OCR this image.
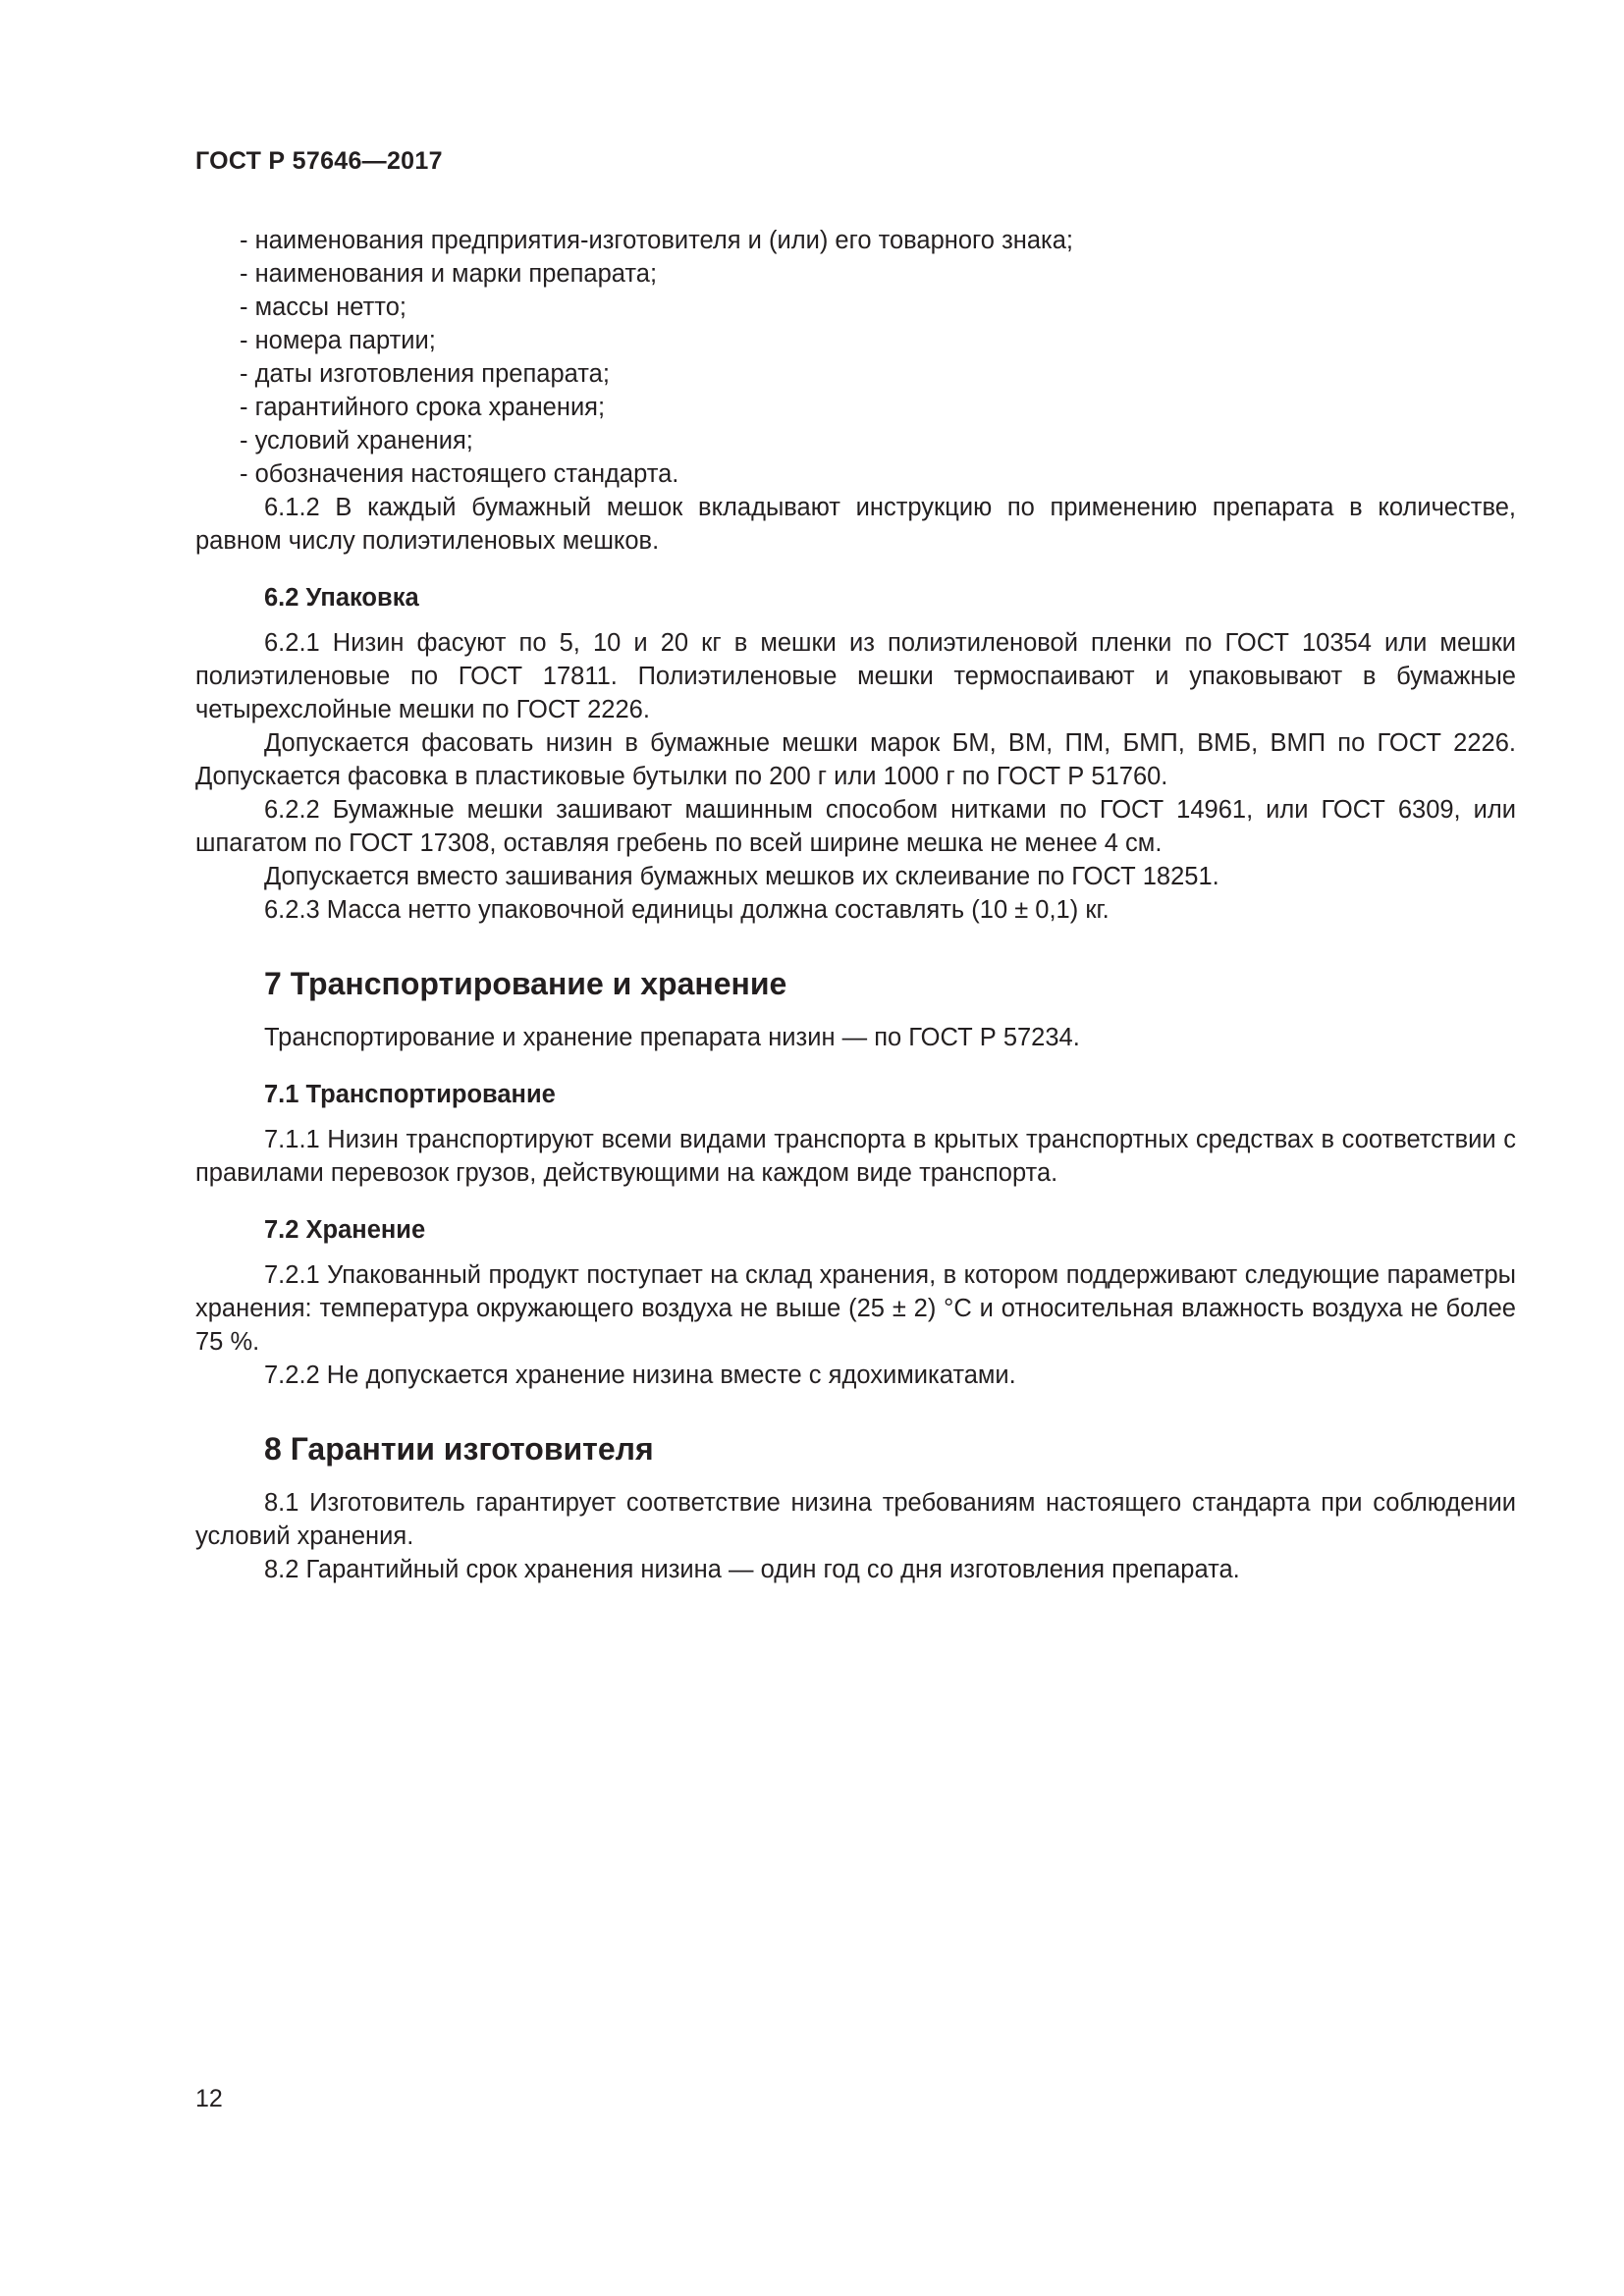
ГОСТ Р 57646—2017
- наименования предприятия-изготовителя и (или) его товарного знака;
- наименования и марки препарата;
- массы нетто;
- номера партии;
- даты изготовления препарата;
- гарантийного срока хранения;
- условий хранения;
- обозначения настоящего стандарта.

6.1.2 В каждый бумажный мешок вкладывают инструкцию по применению препарата в количестве, равном числу полиэтиленовых мешков.

6.2 Упаковка

6.2.1 Низин фасуют по 5, 10 и 20 кг в мешки из полиэтиленовой пленки по ГОСТ 10354 или мешки полиэтиленовые по ГОСТ 17811. Полиэтиленовые мешки термоспаивают и упаковывают в бумажные четырехслойные мешки по ГОСТ 2226.

Допускается фасовать низин в бумажные мешки марок БМ, ВМ, ПМ, БМП, ВМБ, ВМП по ГОСТ 2226. Допускается фасовка в пластиковые бутылки по 200 г или 1000 г по ГОСТ Р 51760.

6.2.2 Бумажные мешки зашивают машинным способом нитками по ГОСТ 14961, или ГОСТ 6309, или шпагатом по ГОСТ 17308, оставляя гребень по всей ширине мешка не менее 4 см.

Допускается вместо зашивания бумажных мешков их склеивание по ГОСТ 18251.

6.2.3 Масса нетто упаковочной единицы должна составлять (10 ± 0,1) кг.

7 Транспортирование и хранение

Транспортирование и хранение препарата низин — по ГОСТ Р 57234.

7.1 Транспортирование

7.1.1 Низин транспортируют всеми видами транспорта в крытых транспортных средствах в соответствии с правилами перевозок грузов, действующими на каждом виде транспорта.

7.2 Хранение

7.2.1 Упакованный продукт поступает на склад хранения, в котором поддерживают следующие параметры хранения: температура окружающего воздуха не выше (25 ± 2) °С и относительная влажность воздуха не более 75 %.

7.2.2 Не допускается хранение низина вместе с ядохимикатами.

8 Гарантии изготовителя

8.1 Изготовитель гарантирует соответствие низина требованиям настоящего стандарта при соблюдении условий хранения.

8.2 Гарантийный срок хранения низина — один год со дня изготовления препарата.

12
